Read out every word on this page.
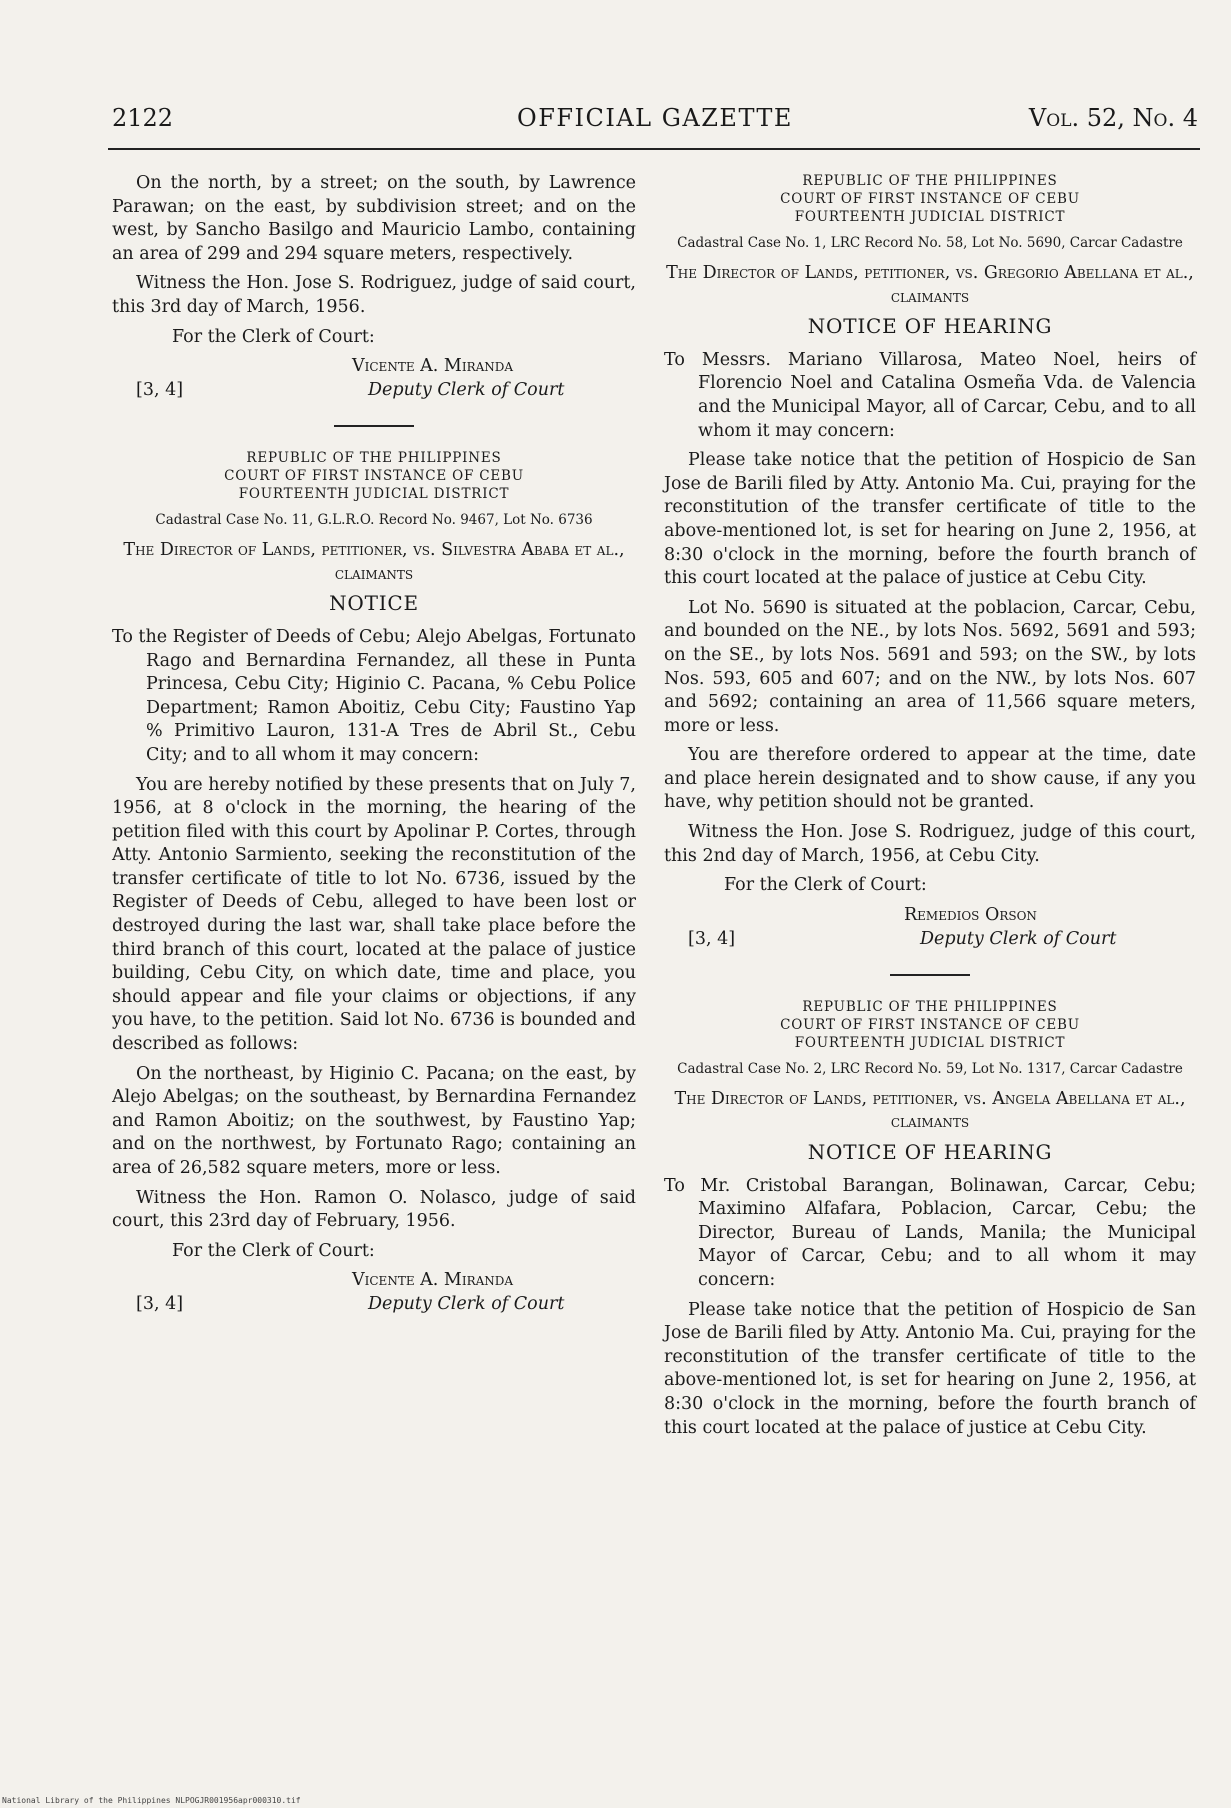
2122	OFFICIAL GAZETTE	Vol. 52, No. 4

On the north, by a street; on the south, by Lawrence Parawan; on the east, by subdivision street; and on the west, by Sancho Basilgo and Mauricio Lambo, containing an area of 299 and 294 square meters, respectively.

Witness the Hon. Jose S. Rodriguez, judge of said court, this 3rd day of March, 1956.

For the Clerk of Court:

Vicente A. Miranda
[3, 4]	Deputy Clerk of Court

REPUBLIC OF THE PHILIPPINES

COURT OF FIRST INSTANCE OF CEBU

FOURTEENTH JUDICIAL DISTRICT

Cadastral Case No. 11, G.L.R.O. Record No. 9467, Lot No. 6736

The Director of Lands, petitioner, vs. Silvestra Ababa et al., claimants

NOTICE

To the Register of Deeds of Cebu; Alejo Abelgas, Fortunato Rago and Bernardina Fernandez, all these in Punta Princesa, Cebu City; Higinio C. Pacana, % Cebu Police Department; Ramon Aboitiz, Cebu City; Faustino Yap % Primitivo Lauron, 131-A Tres de Abril St., Cebu City; and to all whom it may concern:

You are hereby notified by these presents that on July 7, 1956, at 8 o'clock in the morning, the hearing of the petition filed with this court by Apolinar P. Cortes, through Atty. Antonio Sarmiento, seeking the reconstitution of the transfer certificate of title to lot No. 6736, issued by the Register of Deeds of Cebu, alleged to have been lost or destroyed during the last war, shall take place before the third branch of this court, located at the palace of justice building, Cebu City, on which date, time and place, you should appear and file your claims or objections, if any you have, to the petition. Said lot No. 6736 is bounded and described as follows:

On the northeast, by Higinio C. Pacana; on the east, by Alejo Abelgas; on the southeast, by Bernardina Fernandez and Ramon Aboitiz; on the southwest, by Faustino Yap; and on the northwest, by Fortunato Rago; containing an area of 26,582 square meters, more or less.

Witness the Hon. Ramon O. Nolasco, judge of said court, this 23rd day of February, 1956.

For the Clerk of Court:

Vicente A. Miranda
[3, 4]	Deputy Clerk of Court

REPUBLIC OF THE PHILIPPINES

COURT OF FIRST INSTANCE OF CEBU

FOURTEENTH JUDICIAL DISTRICT

Cadastral Case No. 1, LRC Record No. 58, Lot No. 5690, Carcar Cadastre

The Director of Lands, petitioner, vs. Gregorio Abellana et al., claimants

NOTICE OF HEARING

To Messrs. Mariano Villarosa, Mateo Noel, heirs of Florencio Noel and Catalina Osmeña Vda. de Valencia and the Municipal Mayor, all of Carcar, Cebu, and to all whom it may concern:

Please take notice that the petition of Hospicio de San Jose de Barili filed by Atty. Antonio Ma. Cui, praying for the reconstitution of the transfer certificate of title to the above-mentioned lot, is set for hearing on June 2, 1956, at 8:30 o'clock in the morning, before the fourth branch of this court located at the palace of justice at Cebu City.

Lot No. 5690 is situated at the poblacion, Carcar, Cebu, and bounded on the NE., by lots Nos. 5692, 5691 and 593; on the SE., by lots Nos. 5691 and 593; on the SW., by lots Nos. 593, 605 and 607; and on the NW., by lots Nos. 607 and 5692; containing an area of 11,566 square meters, more or less.

You are therefore ordered to appear at the time, date and place herein designated and to show cause, if any you have, why petition should not be granted.

Witness the Hon. Jose S. Rodriguez, judge of this court, this 2nd day of March, 1956, at Cebu City.

For the Clerk of Court:

Remedios Orson
[3, 4]	Deputy Clerk of Court

REPUBLIC OF THE PHILIPPINES

COURT OF FIRST INSTANCE OF CEBU

FOURTEENTH JUDICIAL DISTRICT

Cadastral Case No. 2, LRC Record No. 59, Lot No. 1317, Carcar Cadastre

The Director of Lands, petitioner, vs. Angela Abellana et al., claimants

NOTICE OF HEARING

To Mr. Cristobal Barangan, Bolinawan, Carcar, Cebu; Maximino Alfafara, Poblacion, Carcar, Cebu; the Director, Bureau of Lands, Manila; the Municipal Mayor of Carcar, Cebu; and to all whom it may concern:

Please take notice that the petition of Hospicio de San Jose de Barili filed by Atty. Antonio Ma. Cui, praying for the reconstitution of the transfer certificate of title to the above-mentioned lot, is set for hearing on June 2, 1956, at 8:30 o'clock in the morning, before the fourth branch of this court located at the palace of justice at Cebu City.

National Library of the Philippines NLPOGJR001956apr000310.tif
